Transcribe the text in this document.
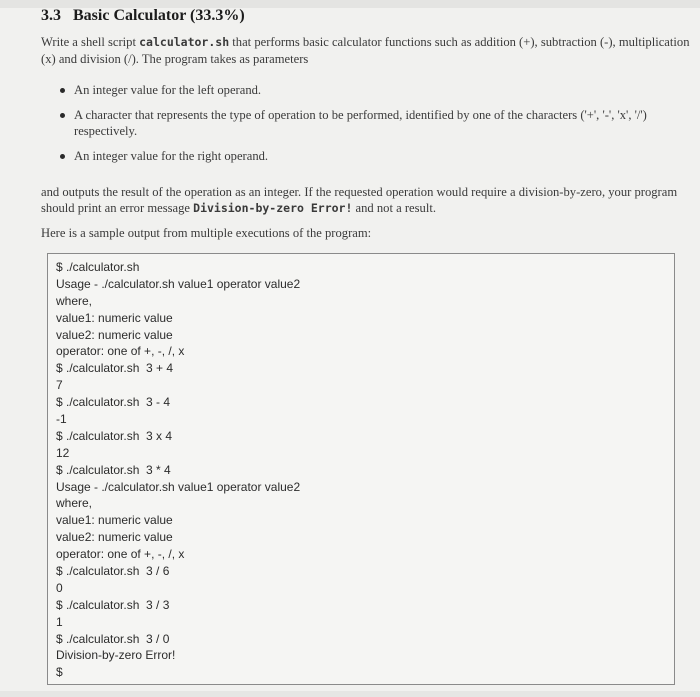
3.3 Basic Calculator (33.3%)
Write a shell script calculator.sh that performs basic calculator functions such as addition (+), subtraction (-), multiplication (x) and division (/). The program takes as parameters
An integer value for the left operand.
A character that represents the type of operation to be performed, identified by one of the characters ('+', '-', 'x', '/') respectively.
An integer value for the right operand.
and outputs the result of the operation as an integer. If the requested operation would require a division-by-zero, your program should print an error message Division-by-zero Error! and not a result.
Here is a sample output from multiple executions of the program:
$ ./calculator.sh
Usage - ./calculator.sh value1 operator value2
where,
value1: numeric value
value2: numeric value
operator: one of +, -, /, x
$ ./calculator.sh  3 + 4
7
$ ./calculator.sh  3 - 4
-1
$ ./calculator.sh  3 x 4
12
$ ./calculator.sh  3 * 4
Usage - ./calculator.sh value1 operator value2
where,
value1: numeric value
value2: numeric value
operator: one of +, -, /, x
$ ./calculator.sh  3 / 6
0
$ ./calculator.sh  3 / 3
1
$ ./calculator.sh  3 / 0
Division-by-zero Error!
$
